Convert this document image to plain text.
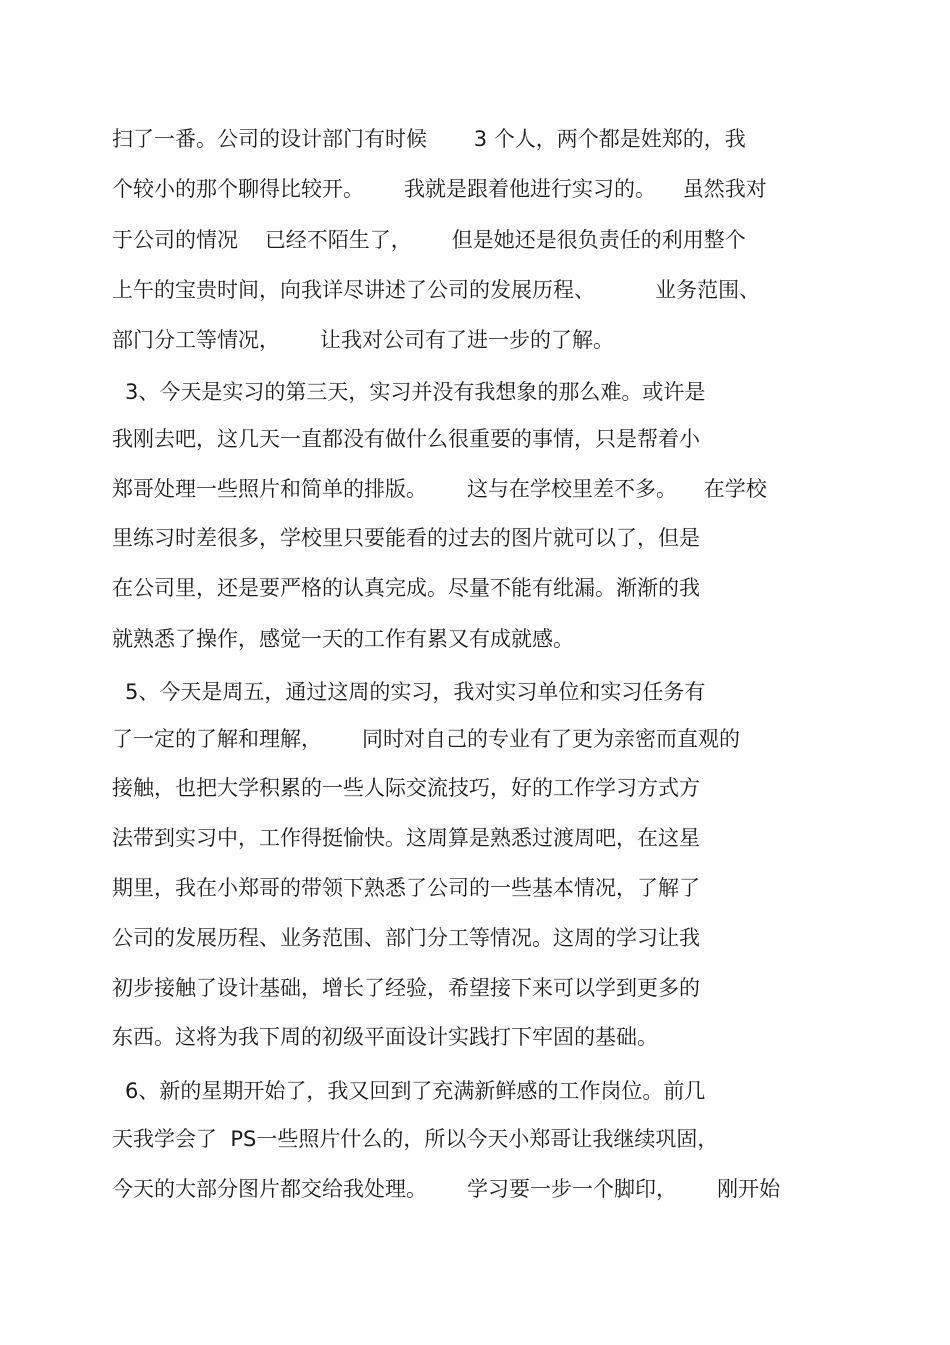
扫了一番。公司的设计部门有时候       3 个人，两个都是姓郑的，我
个较小的那个聊得比较开。      我就是跟着他进行实习的。    虽然我对
于公司的情况    已经不陌生了，      但是她还是很负责任的利用整个
上午的宝贵时间，向我详尽讲述了公司的发展历程、         业务范围、
部门分工等情况，      让我对公司有了进一步的了解。
3、今天是实习的第三天，实习并没有我想象的那么难。或许是
我刚去吧，这几天一直都没有做什么很重要的事情，只是帮着小
郑哥处理一些照片和简单的排版。      这与在学校里差不多。    在学校
里练习时差很多，学校里只要能看的过去的图片就可以了，但是
在公司里，还是要严格的认真完成。尽量不能有纰漏。渐渐的我
就熟悉了操作，感觉一天的工作有累又有成就感。
5、今天是周五，通过这周的实习，我对实习单位和实习任务有
了一定的了解和理解，      同时对自己的专业有了更为亲密而直观的
接触，也把大学积累的一些人际交流技巧，好的工作学习方式方
法带到实习中，工作得挺愉快。这周算是熟悉过渡周吧，在这星
期里，我在小郑哥的带领下熟悉了公司的一些基本情况，了解了
公司的发展历程、业务范围、部门分工等情况。这周的学习让我
初步接触了设计基础，增长了经验，希望接下来可以学到更多的
东西。这将为我下周的初级平面设计实践打下牢固的基础。
6、新的星期开始了，我又回到了充满新鲜感的工作岗位。前几
天我学会了  PS一些照片什么的，所以今天小郑哥让我继续巩固，
今天的大部分图片都交给我处理。      学习要一步一个脚印，      刚开始
